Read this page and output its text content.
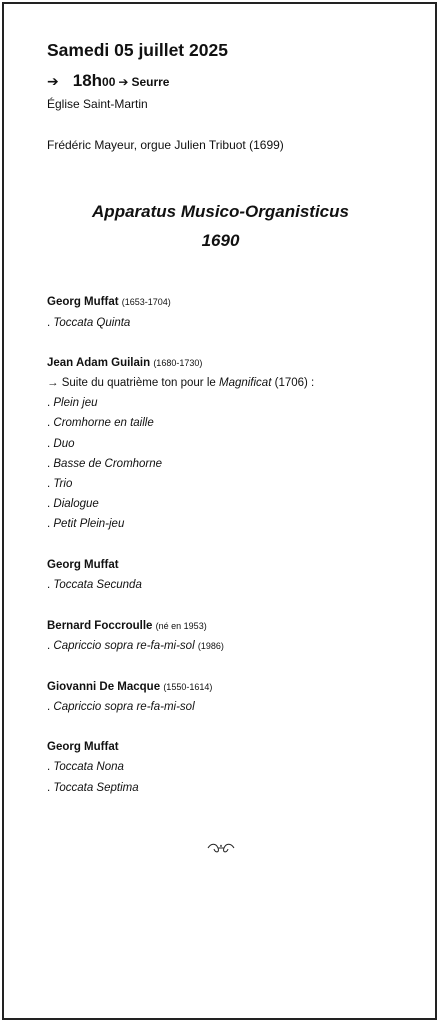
Samedi 05 juillet 2025
➔ 18h 00 ➔ Seurre
Église Saint-Martin
Frédéric Mayeur, orgue Julien Tribuot (1699)
Apparatus Musico-Organisticus
1690
Georg Muffat (1653-1704)
. Toccata Quinta
Jean Adam Guilain (1680-1730)
→ Suite du quatrième ton pour le Magnificat (1706) :
. Plein jeu
. Cromhorne en taille
. Duo
. Basse de Cromhorne
. Trio
. Dialogue
. Petit Plein-jeu
Georg Muffat
. Toccata Secunda
Bernard Foccroulle (né en 1953)
. Capriccio sopra re-fa-mi-sol (1986)
Giovanni De Macque (1550-1614)
. Capriccio sopra re-fa-mi-sol
Georg Muffat
. Toccata Nona
. Toccata Septima
